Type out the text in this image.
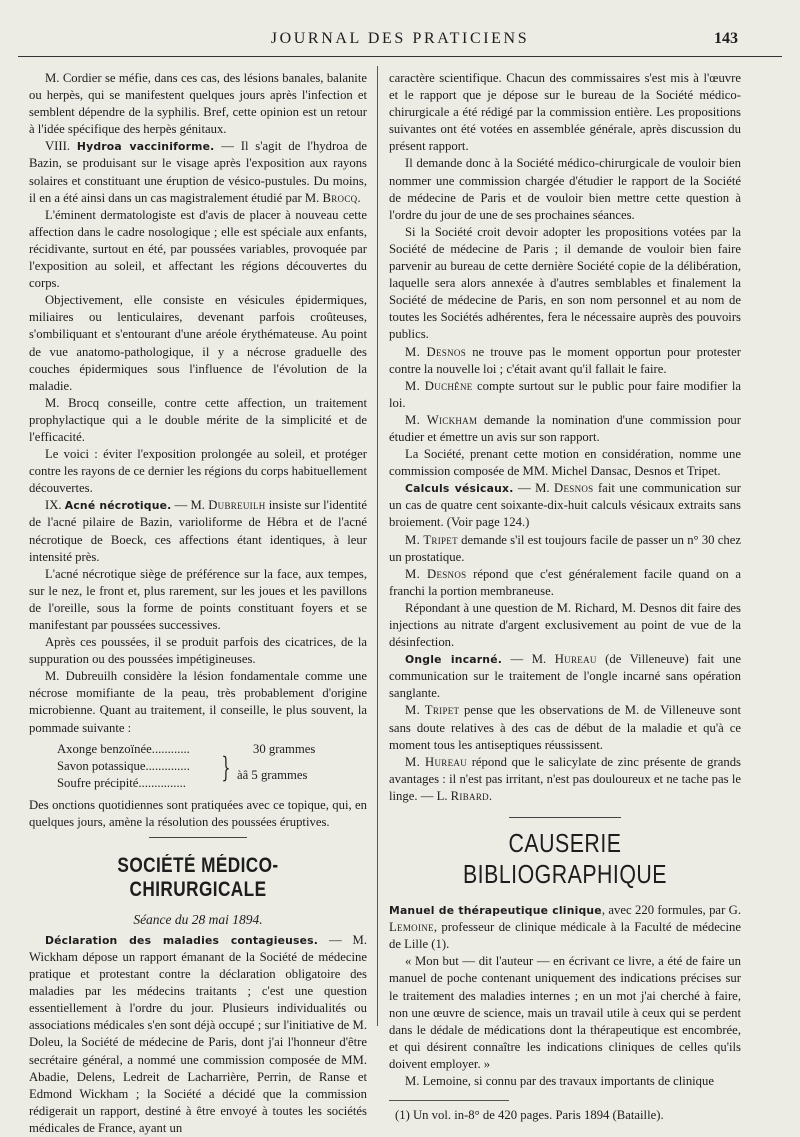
JOURNAL DES PRATICIENS	143

M. Cordier se méfie, dans ces cas, des lésions banales, balanite ou herpès, qui se manifestent quelques jours après l'infection et semblent dépendre de la syphilis. Bref, cette opinion est un retour à l'idée spécifique des herpès génitaux.

VIII. Hydroa vacciniforme. — Il s'agit de l'hydroa de Bazin, se produisant sur le visage après l'exposition aux rayons solaires et constituant une éruption de vésico-pustules. Du moins, il en a été ainsi dans un cas magistralement étudié par M. Brocq.

L'éminent dermatologiste est d'avis de placer à nouveau cette affection dans le cadre nosologique ; elle est spéciale aux enfants, récidivante, surtout en été, par poussées variables, provoquée par l'exposition au soleil, et affectant les régions découvertes du corps.

Objectivement, elle consiste en vésicules épidermiques, miliaires ou lenticulaires, devenant parfois croûteuses, s'ombiliquant et s'entourant d'une aréole érythémateuse. Au point de vue anatomo-pathologique, il y a nécrose graduelle des couches épidermiques sous l'influence de l'évolution de la maladie.

M. Brocq conseille, contre cette affection, un traitement prophylactique qui a le double mérite de la simplicité et de l'efficacité.

Le voici : éviter l'exposition prolongée au soleil, et protéger contre les rayons de ce dernier les régions du corps habituellement découvertes.

IX. Acné nécrotique. — M. Dubreuilh insiste sur l'identité de l'acné pilaire de Bazin, varioliforme de Hébra et de l'acné nécrotique de Boeck, ces affections étant identiques, à leur intensité près.

L'acné nécrotique siège de préférence sur la face, aux tempes, sur le nez, le front et, plus rarement, sur les joues et les pavillons de l'oreille, sous la forme de points constituant foyers et se manifestant par poussées successives.

Après ces poussées, il se produit parfois des cicatrices, de la suppuration ou des poussées impétigineuses.

M. Dubreuilh considère la lésion fondamentale comme une nécrose momifiante de la peau, très probablement d'origine microbienne. Quant au traitement, il conseille, le plus souvent, la pommade suivante :

Axonge benzoïnée............	30 grammes
Savon potassique..............
Soufre précipité............... } àâ 5 grammes

Des onctions quotidiennes sont pratiquées avec ce topique, qui, en quelques jours, amène la résolution des poussées éruptives.

SOCIÉTÉ MÉDICO-CHIRURGICALE
Séance du 28 mai 1894.

Déclaration des maladies contagieuses. — M. Wickham dépose un rapport émanant de la Société de médecine pratique et protestant contre la déclaration obligatoire des maladies par les médecins traitants ; c'est une question essentiellement à l'ordre du jour. Plusieurs individualités ou associations médicales s'en sont déjà occupé ; sur l'initiative de M. Doleu, la Société de médecine de Paris, dont j'ai l'honneur d'être secrétaire général, a nommé une commission composée de MM. Abadie, Delens, Ledreit de Lacharrière, Perrin, de Ranse et Edmond Wickham ; la Société a décidé que la commission rédigerait un rapport, destiné à être envoyé à toutes les sociétés médicales de France, ayant un

caractère scientifique. Chacun des commissaires s'est mis à l'œuvre et le rapport que je dépose sur le bureau de la Société médico-chirurgicale a été rédigé par la commission entière. Les propositions suivantes ont été votées en assemblée générale, après discussion du présent rapport.

Il demande donc à la Société médico-chirurgicale de vouloir bien nommer une commission chargée d'étudier le rapport de la Société de médecine de Paris et de vouloir bien mettre cette question à l'ordre du jour de une de ses prochaines séances.

Si la Société croit devoir adopter les propositions votées par la Société de médecine de Paris ; il demande de vouloir bien faire parvenir au bureau de cette dernière Société copie de la délibération, laquelle sera alors annexée à d'autres semblables et finalement la Société de médecine de Paris, en son nom personnel et au nom de toutes les Sociétés adhérentes, fera le nécessaire auprès des pouvoirs publics.

M. Desnos ne trouve pas le moment opportun pour protester contre la nouvelle loi ; c'était avant qu'il fallait le faire.

M. Duchêne compte surtout sur le public pour faire modifier la loi.

M. Wickham demande la nomination d'une commission pour étudier et émettre un avis sur son rapport.

La Société, prenant cette motion en considération, nomme une commission composée de MM. Michel Dansac, Desnos et Tripet.

Calculs vésicaux. — M. Desnos fait une communication sur un cas de quatre cent soixante-dix-huit calculs vésicaux extraits sans broiement. (Voir page 124.)

M. Tripet demande s'il est toujours facile de passer un n° 30 chez un prostatique.

M. Desnos répond que c'est généralement facile quand on a franchi la portion membraneuse.

Répondant à une question de M. Richard, M. Desnos dit faire des injections au nitrate d'argent exclusivement au point de vue de la désinfection.

Ongle incarné. — M. Hureau (de Villeneuve) fait une communication sur le traitement de l'ongle incarné sans opération sanglante.

M. Tripet pense que les observations de M. de Villeneuve sont sans doute relatives à des cas de début de la maladie et qu'à ce moment tous les antiseptiques réussissent.

M. Hureau répond que le salicylate de zinc présente de grands avantages : il n'est pas irritant, n'est pas douloureux et ne tache pas le linge. — L. Ribard.

CAUSERIE BIBLIOGRAPHIQUE

Manuel de thérapeutique clinique, avec 220 formules, par G. Lemoine, professeur de clinique médicale à la Faculté de médecine de Lille (1).

« Mon but — dit l'auteur — en écrivant ce livre, a été de faire un manuel de poche contenant uniquement des indications précises sur le traitement des maladies internes ; en un mot j'ai cherché à faire, non une œuvre de science, mais un travail utile à ceux qui se perdent dans le dédale de médications dont la thérapeutique est encombrée, et qui désirent connaître les indications cliniques de celles qu'ils doivent employer. »

M. Lemoine, si connu par des travaux importants de clinique

(1) Un vol. in-8° de 420 pages. Paris 1894 (Bataille).
